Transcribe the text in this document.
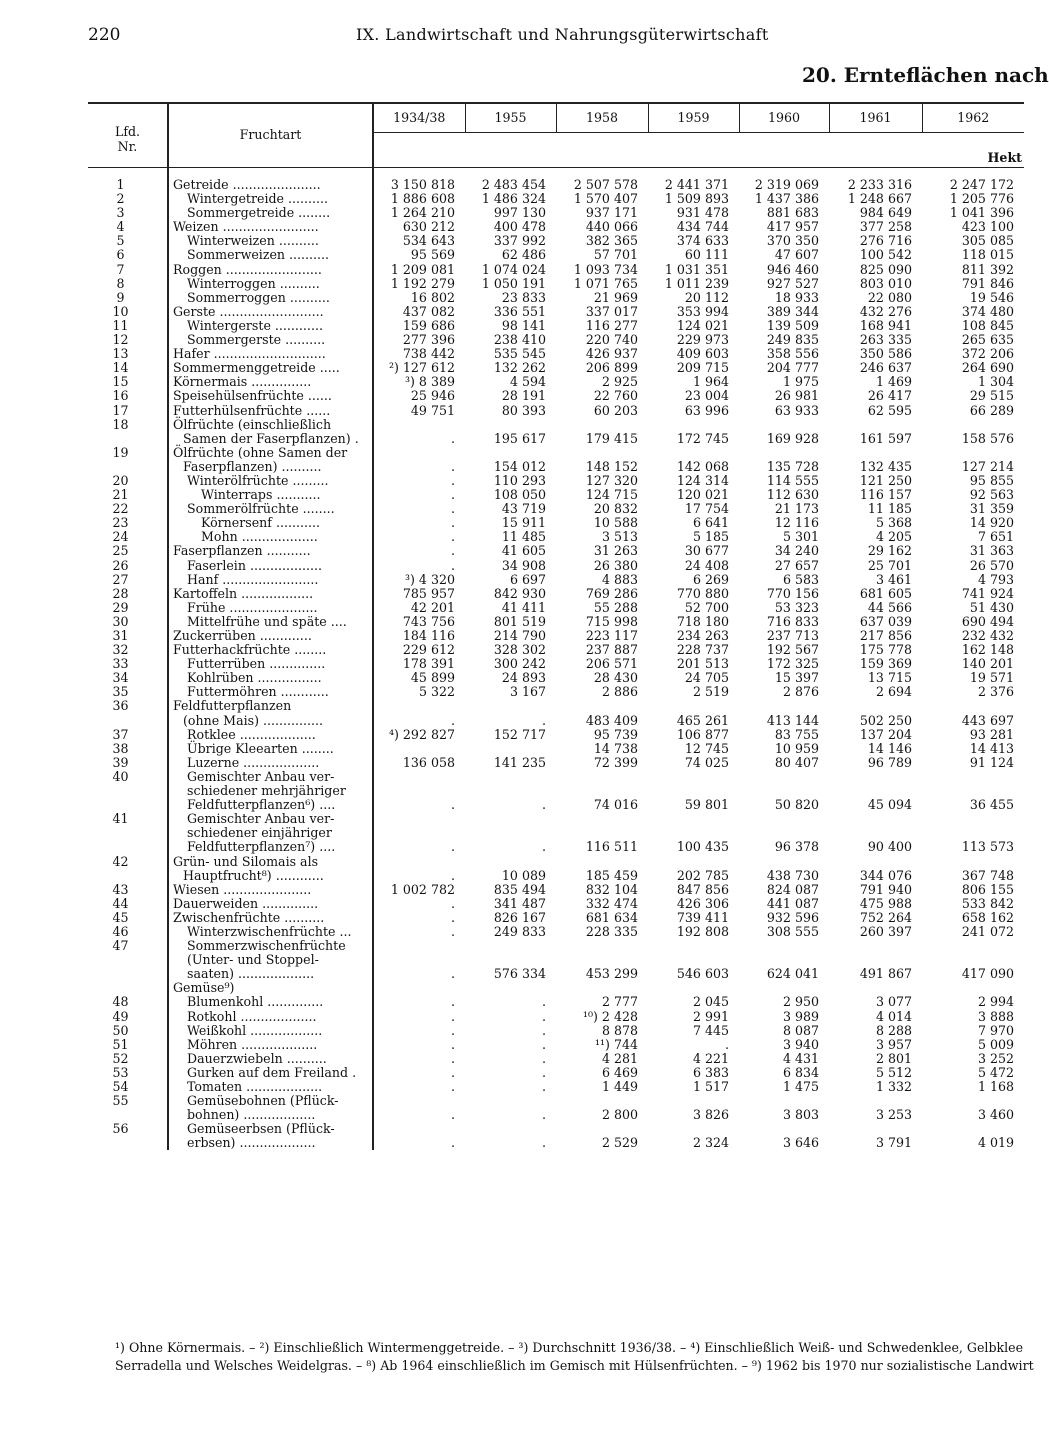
220	IX. Landwirtschaft und Nahrungsgüterwirtschaft
20. Ernteflächen nach
Lfd.
Nr.	Fruchtart	1934/38	1955	1958	1959	1960	1961	1962
		Hekt						

1	Getreide ......................	3 150 818	2 483 454	2 507 578	2 441 371	2 319 069	2 233 316	2 247 172
2	Wintergetreide ..........	1 886 608	1 486 324	1 570 407	1 509 893	1 437 386	1 248 667	1 205 776
3	Sommergetreide ........	1 264 210	997 130	937 171	931 478	881 683	984 649	1 041 396
4	Weizen ........................	630 212	400 478	440 066	434 744	417 957	377 258	423 100
5	Winterweizen ..........	534 643	337 992	382 365	374 633	370 350	276 716	305 085
6	Sommerweizen ..........	95 569	62 486	57 701	60 111	47 607	100 542	118 015
7	Roggen ........................	1 209 081	1 074 024	1 093 734	1 031 351	946 460	825 090	811 392
8	Winterroggen ..........	1 192 279	1 050 191	1 071 765	1 011 239	927 527	803 010	791 846
9	Sommerroggen ..........	16 802	23 833	21 969	20 112	18 933	22 080	19 546
10	Gerste ..........................	437 082	336 551	337 017	353 994	389 344	432 276	374 480
11	Wintergerste ............	159 686	98 141	116 277	124 021	139 509	168 941	108 845
12	Sommergerste ..........	277 396	238 410	220 740	229 973	249 835	263 335	265 635
13	Hafer ............................	738 442	535 545	426 937	409 603	358 556	350 586	372 206
14	Sommermenggetreide .....	²) 127 612	132 262	206 899	209 715	204 777	246 637	264 690
15	Körnermais ...............	³) 8 389	4 594	2 925	1 964	1 975	1 469	1 304
16	Speisehülsenfrüchte ......	25 946	28 191	22 760	23 004	26 981	26 417	29 515
17	Futterhülsenfrüchte ......	49 751	80 393	60 203	63 996	63 933	62 595	66 289
18	Ölfrüchte (einschließlich
Samen der Faserpflanzen) .	.	195 617	179 415	172 745	169 928	161 597	158 576
19	Ölfrüchte (ohne Samen der
Faserpflanzen) ..........	.	154 012	148 152	142 068	135 728	132 435	127 214
20	Winterölfrüchte .........	.	110 293	127 320	124 314	114 555	121 250	95 855
21	Winterraps ...........	.	108 050	124 715	120 021	112 630	116 157	92 563
22	Sommerölfrüchte ........	.	43 719	20 832	17 754	21 173	11 185	31 359
23	Körnersenf ...........	.	15 911	10 588	6 641	12 116	5 368	14 920
24	Mohn ...................	.	11 485	3 513	5 185	5 301	4 205	7 651
25	Faserpflanzen ...........	.	41 605	31 263	30 677	34 240	29 162	31 363
26	Faserlein ..................	.	34 908	26 380	24 408	27 657	25 701	26 570
27	Hanf ........................	³) 4 320	6 697	4 883	6 269	6 583	3 461	4 793
28	Kartoffeln ..................	785 957	842 930	769 286	770 880	770 156	681 605	741 924
29	Frühe ......................	42 201	41 411	55 288	52 700	53 323	44 566	51 430
30	Mittelfrühe und späte ....	743 756	801 519	715 998	718 180	716 833	637 039	690 494
31	Zuckerrüben .............	184 116	214 790	223 117	234 263	237 713	217 856	232 432
32	Futterhackfrüchte ........	229 612	328 302	237 887	228 737	192 567	175 778	162 148
33	Futterrüben ..............	178 391	300 242	206 571	201 513	172 325	159 369	140 201
34	Kohlrüben ................	45 899	24 893	28 430	24 705	15 397	13 715	19 571
35	Futtermöhren ............	5 322	3 167	2 886	2 519	2 876	2 694	2 376
36	Feldfutterpflanzen
(ohne Mais) ...............	.	.	483 409	465 261	413 144	502 250	443 697
37	Rotklee ...................	⁴) 292 827	152 717	95 739	106 877	83 755	137 204	93 281
38	Übrige Kleearten ........			14 738	12 745	10 959	14 146	14 413
39	Luzerne ...................	136 058	141 235	72 399	74 025	80 407	96 789	91 124
40	Gemischter Anbau ver-
schiedener mehrjähriger
Feldfutterpflanzen⁶) ....	.	.	74 016	59 801	50 820	45 094	36 455
41	Gemischter Anbau ver-
schiedener einjähriger
Feldfutterpflanzen⁷) ....	.	.	116 511	100 435	96 378	90 400	113 573
42	Grün- und Silomais als
Hauptfrucht⁸) ............	.	10 089	185 459	202 785	438 730	344 076	367 748
43	Wiesen ......................	1 002 782	835 494	832 104	847 856	824 087	791 940	806 155
44	Dauerweiden ..............	.	341 487	332 474	426 306	441 087	475 988	533 842
45	Zwischenfrüchte ..........	.	826 167	681 634	739 411	932 596	752 264	658 162
46	Winterzwischenfrüchte ...	.	249 833	228 335	192 808	308 555	260 397	241 072
47	Sommerzwischenfrüchte
(Unter- und Stoppel-
saaten) ...................	.	576 334	453 299	546 603	624 041	491 867	417 090

	Gemüse⁹)							

48	Blumenkohl ..............	.	.	2 777	2 045	2 950	3 077	2 994
49	Rotkohl ...................	.	.	¹⁰) 2 428	2 991	3 989	4 014	3 888
50	Weißkohl ..................	.	.	8 878	7 445	8 087	8 288	7 970
51	Möhren ...................	.	.	¹¹) 744	.	3 940	3 957	5 009
52	Dauerzwiebeln ..........	.	.	4 281	4 221	4 431	2 801	3 252
53	Gurken auf dem Freiland .	.	.	6 469	6 383	6 834	5 512	5 472
54	Tomaten ...................	.	.	1 449	1 517	1 475	1 332	1 168
55	Gemüsebohnen (Pflück-
bohnen) ..................	.	.	2 800	3 826	3 803	3 253	3 460
56	Gemüseerbsen (Pflück-
erbsen) ...................	.	.	2 529	2 324	3 646	3 791	4 019
¹) Ohne Körnermais. – ²) Einschließlich Wintermenggetreide. – ³) Durchschnitt 1936/38. – ⁴) Einschließlich Weiß- und Schwedenklee, Gelbklee
Serradella und Welsches Weidelgras. – ⁸) Ab 1964 einschließlich im Gemisch mit Hülsenfrüchten. – ⁹) 1962 bis 1970 nur sozialistische Landwirt
